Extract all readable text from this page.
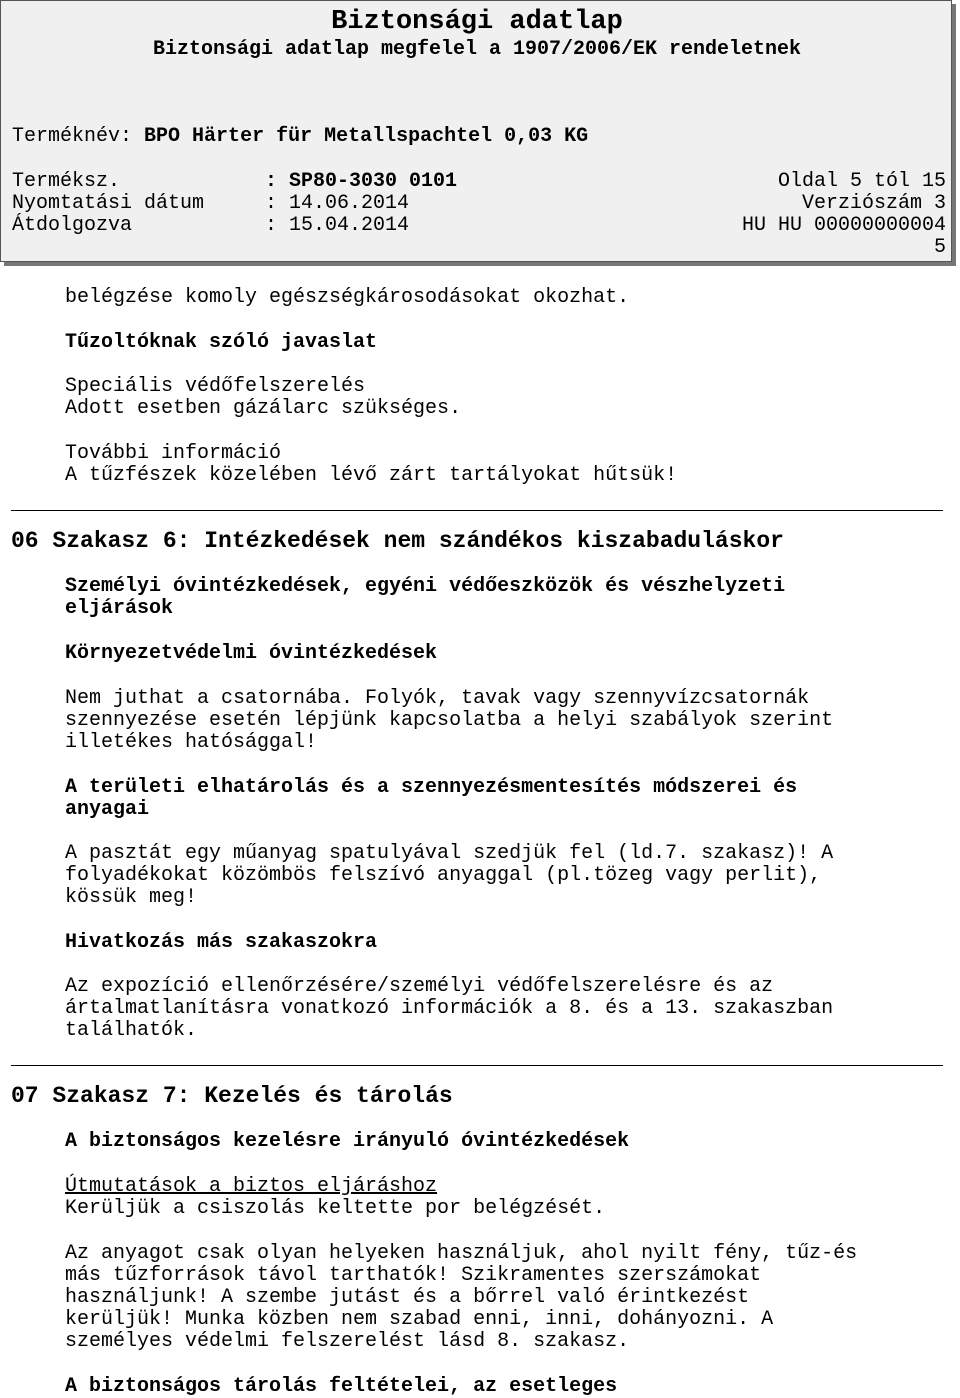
Biztonsági adatlap
Biztonsági adatlap megfelel a 1907/2006/EK rendeletnek
Terméknév: BPO Härter für Metallspachtel 0,03 KG
Terméksz.	: SP80-3030 0101	Oldal 5 tól 15
Nyomtatási dátum	: 14.06.2014	Verziószám 3
Átdolgozva	: 15.04.2014	HU HU 00000000004
5
belégzése komoly egészségkárosodásokat okozhat.
Tűzoltóknak szóló javaslat
Speciális védőfelszerelés
Adott esetben gázálarc szükséges.
További információ
A tűzfészek közelében lévő zárt tartályokat hűtsük!
06 Szakasz 6: Intézkedések nem szándékos kiszabaduláskor
Személyi óvintézkedések, egyéni védőeszközök és vészhelyzeti
eljárások
Környezetvédelmi óvintézkedések
Nem juthat a csatornába. Folyók, tavak vagy szennyvízcsatornák
szennyezése esetén lépjünk kapcsolatba a helyi szabályok szerint
illetékes hatósággal!
A területi elhatárolás és a szennyezésmentesítés módszerei és
anyagai
A pasztát egy műanyag spatulyával szedjük fel (ld.7. szakasz)! A
folyadékokat közömbös felszívó anyaggal (pl.tözeg vagy perlit),
kössük meg!
Hivatkozás más szakaszokra
Az expozíció ellenőrzésére/személyi védőfelszerelésre és az
ártalmatlanításra vonatkozó információk a 8. és a 13. szakaszban
találhatók.
07 Szakasz 7: Kezelés és tárolás
A biztonságos kezelésre irányuló óvintézkedések
Útmutatások a biztos eljáráshoz
Kerüljük a csiszolás keltette por belégzését.
Az anyagot csak olyan helyeken használjuk, ahol nyilt fény, tűz-és
más tűzforrások távol tarthatók! Szikramentes szerszámokat
használjunk! A szembe jutást és a bőrrel való érintkezést
kerüljük! Munka közben nem szabad enni, inni, dohányozni. A
személyes védelmi felszerelést lásd 8. szakasz.
A biztonságos tárolás feltételei, az esetleges
